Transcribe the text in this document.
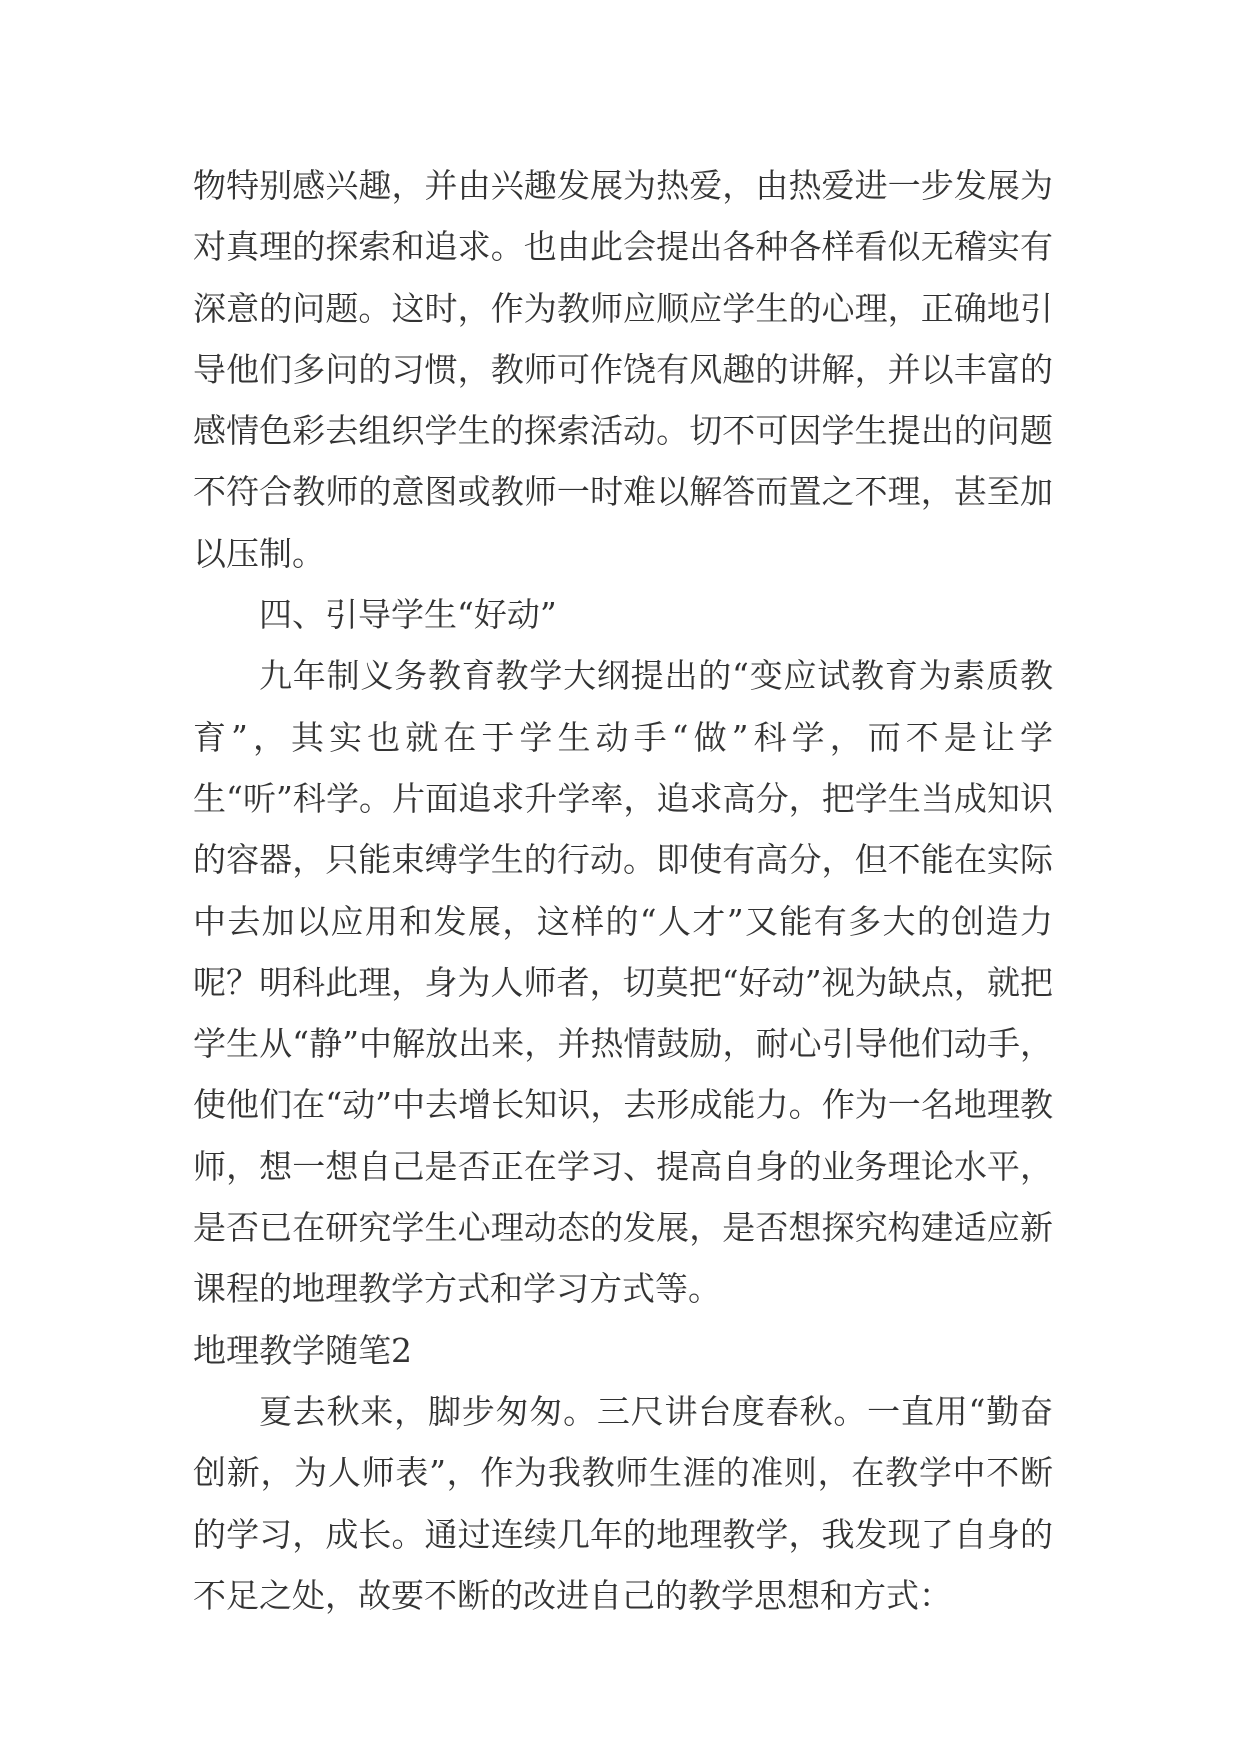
物特别感兴趣，并由兴趣发展为热爱，由热爱进一步发展为对真理的探索和追求。也由此会提出各种各样看似无稽实有深意的问题。这时，作为教师应顺应学生的心理，正确地引导他们多问的习惯，教师可作饶有风趣的讲解，并以丰富的感情色彩去组织学生的探索活动。切不可因学生提出的问题不符合教师的意图或教师一时难以解答而置之不理，甚至加以压制。

四、引导学生“好动”

九年制义务教育教学大纲提出的“变应试教育为素质教育”，其实也就在于学生动手“做”科学，而不是让学生“听”科学。片面追求升学率，追求高分，把学生当成知识的容器，只能束缚学生的行动。即使有高分，但不能在实际中去加以应用和发展，这样的“人才”又能有多大的创造力呢？明科此理，身为人师者，切莫把“好动”视为缺点，就把学生从“静”中解放出来，并热情鼓励，耐心引导他们动手，使他们在“动”中去增长知识，去形成能力。作为一名地理教师，想一想自己是否正在学习、提高自身的业务理论水平，是否已在研究学生心理动态的发展，是否想探究构建适应新课程的地理教学方式和学习方式等。

地理教学随笔2

夏去秋来，脚步匆匆。三尺讲台度春秋。一直用“勤奋创新，为人师表”，作为我教师生涯的准则，在教学中不断的学习，成长。通过连续几年的地理教学，我发现了自身的不足之处，故要不断的改进自己的教学思想和方式：
